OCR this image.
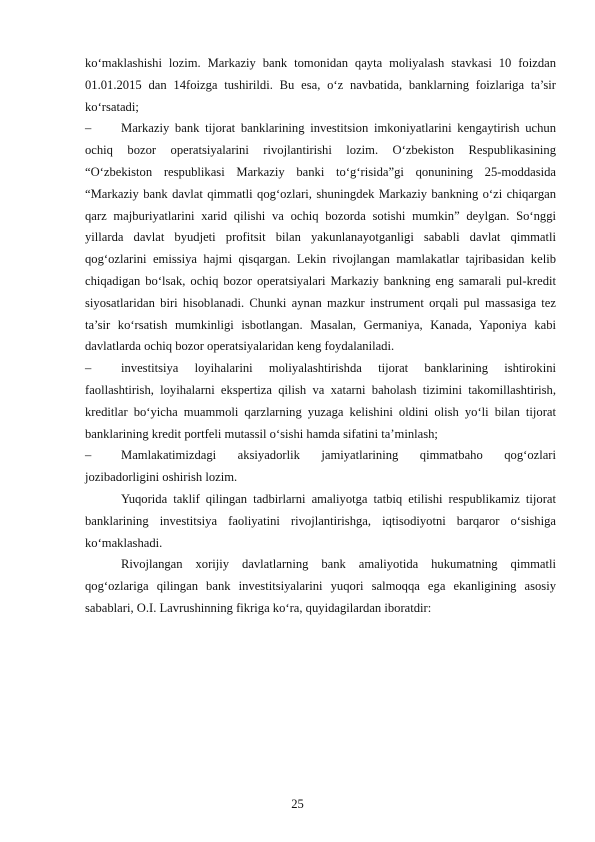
ko‘maklashishi lozim. Markaziy bank tomonidan qayta moliyalash stavkasi 10 foizdan 01.01.2015 dan 14foizga tushirildi. Bu esa, o‘z navbatida, banklarning foizlariga ta’sir ko‘rsatadi;

– Markaziy bank tijorat banklarining investitsion imkoniyatlarini kengaytirish uchun ochiq bozor operatsiyalarini rivojlantirishi lozim. O‘zbekiston Respublikasining “O‘zbekiston respublikasi Markaziy banki to‘g‘risida”gi qonunining 25-moddasida “Markaziy bank davlat qimmatli qog‘ozlari, shuningdek Markaziy bankning o‘zi chiqargan qarz majburiyatlarini xarid qilishi va ochiq bozorda sotishi mumkin” deylgan. So‘nggi yillarda davlat byudjeti profitsit bilan yakunlanayotganligi sababli davlat qimmatli qog‘ozlarini emissiya hajmi qisqargan. Lekin rivojlangan mamlakatlar tajribasidan kelib chiqadigan bo‘lsak, ochiq bozor operatsiyalari Markaziy bankning eng samarali pul-kredit siyosatlaridan biri hisoblanadi. Chunki aynan mazkur instrument orqali pul massasiga tez ta’sir ko‘rsatish mumkinligi isbotlangan. Masalan, Germaniya, Kanada, Yaponiya kabi davlatlarda ochiq bozor operatsiyalaridan keng foydalaniladi.

– investitsiya loyihalarini moliyalashtirishda tijorat banklarining ishtirokini faollashtirish, loyihalarni ekspertiza qilish va xatarni baholash tizimini takomillashtirish, kreditlar bo‘yicha muammoli qarzlarning yuzaga kelishini oldini olish yo‘li bilan tijorat banklarining kredit portfeli mutassil o‘sishi hamda sifatini ta’minlash;

– Mamlakatimizdagi aksiyadorlik jamiyatlarining qimmatbaho qog‘ozlari jozibadorligini oshirish lozim.

Yuqorida taklif qilingan tadbirlarni amaliyotga tatbiq etilishi respublikamiz tijorat banklarining investitsiya faoliyatini rivojlantirishga, iqtisodiyotni barqaror o‘sishiga ko‘maklashadi.

Rivojlangan xorijiy davlatlarning bank amaliyotida hukumatning qimmatli qog‘ozlariga qilingan bank investitsiyalarini yuqori salmoqqa ega ekanligining asosiy sabablari, O.I. Lavrushinning fikriga ko‘ra, quyidagilardan iboratdir:

25
